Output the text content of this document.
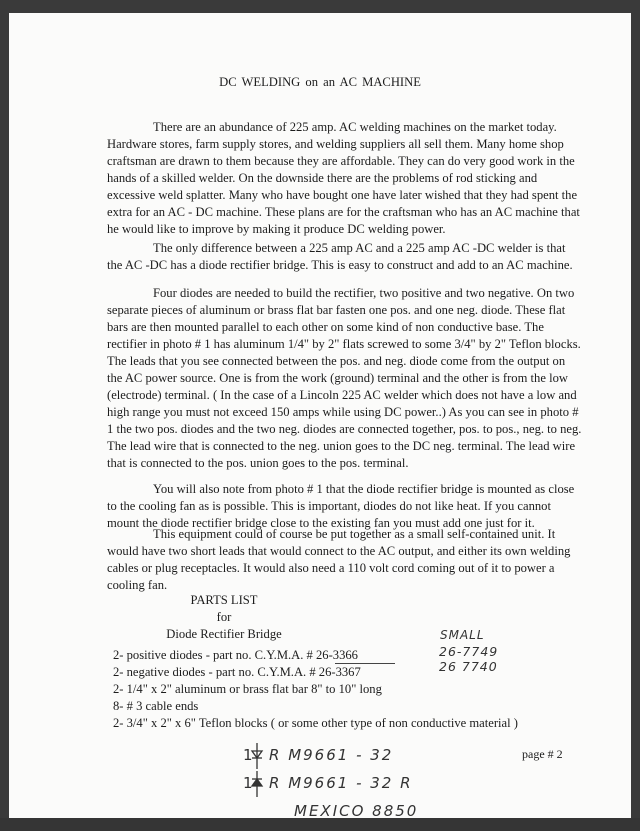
DC WELDING on an AC MACHINE

There are an abundance of 225 amp. AC welding machines on the market today. Hardware stores, farm supply stores, and welding suppliers all sell them. Many home shop craftsman are drawn to them because they are affordable. They can do very good work in the hands of a skilled welder. On the downside there are the problems of rod sticking and excessive weld splatter. Many who have bought one have later wished that they had spent the extra for an AC - DC machine. These plans are for the craftsman who has an AC machine that he would like to improve by making it produce DC welding power.

The only difference between a 225 amp AC and a 225 amp AC -DC welder is that the AC -DC has a diode rectifier bridge. This is easy to construct and add to an AC machine.

Four diodes are needed to build the rectifier, two positive and two negative. On two separate pieces of aluminum or brass flat bar fasten one pos. and one neg. diode. These flat bars are then mounted parallel to each other on some kind of non conductive base. The rectifier in photo # 1 has aluminum 1/4" by 2" flats screwed to some 3/4" by 2" Teflon blocks. The leads that you see connected between the pos. and neg. diode come from the output on the AC power source. One is from the work (ground) terminal and the other is from the low (electrode) terminal. ( In the case of a Lincoln 225 AC welder which does not have a low and high range you must not exceed 150 amps while using DC power..) As you can see in photo # 1 the two pos. diodes and the two neg. diodes are connected together, pos. to pos., neg. to neg. The lead wire that is connected to the neg. union goes to the DC neg. terminal. The lead wire that is connected to the pos. union goes to the pos. terminal.

You will also note from photo # 1 that the diode rectifier bridge is mounted as close to the cooling fan as is possible. This is important, diodes do not like heat. If you cannot mount the diode rectifier bridge close to the existing fan you must add one just for it.

This equipment could of course be put together as a small self-contained unit. It would have two short leads that would connect to the AC output, and either its own welding cables or plug receptacles. It would also need a 110 volt cord coming out of it to power a cooling fan.

PARTS LIST
for
Diode Rectifier Bridge
2- positive diodes - part no. C.Y.M.A. # 26-3366
2- negative diodes - part no. C.Y.M.A. # 26-3367
2- 1/4" x 2" aluminum or brass flat bar 8" to 10" long
8- # 3 cable ends
2- 3/4" x 2" x 6" Teflon blocks ( or some other type of non conductive material )
SMALL
26-7749
26 7740
1 R M9661 - 32
1 R M9661 - 32 R
MEXICO 8850
page # 2
